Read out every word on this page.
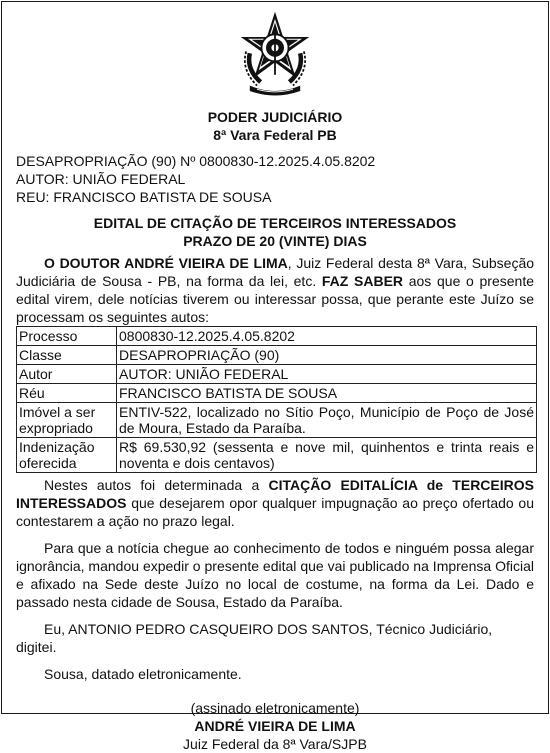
PODER JUDICIÁRIO
8ª Vara Federal PB
DESAPROPRIAÇÃO (90) Nº 0800830-12.2025.4.05.8202
AUTOR: UNIÃO FEDERAL
REU: FRANCISCO BATISTA DE SOUSA
EDITAL DE CITAÇÃO DE TERCEIROS INTERESSADOS
PRAZO DE 20 (VINTE) DIAS
O DOUTOR ANDRÉ VIEIRA DE LIMA, Juiz Federal desta 8ª Vara, Subseção Judiciária de Sousa - PB, na forma da lei, etc. FAZ SABER aos que o presente edital virem, dele notícias tiverem ou interessar possa, que perante este Juízo se processam os seguintes autos:
Processo	0800830-12.2025.4.05.8202
Classe	DESAPROPRIAÇÃO (90)
Autor	AUTOR: UNIÃO FEDERAL
Réu	FRANCISCO BATISTA DE SOUSA
Imóvel a ser expropriado	ENTIV-522, localizado no Sítio Poço, Município de Poço de José de Moura, Estado da Paraíba.
Indenização oferecida	R$ 69.530,92 (sessenta e nove mil, quinhentos e trinta reais e noventa e dois centavos)
Nestes autos foi determinada a CITAÇÃO EDITALÍCIA de TERCEIROS INTERESSADOS que desejarem opor qualquer impugnação ao preço ofertado ou contestarem a ação no prazo legal.
Para que a notícia chegue ao conhecimento de todos e ninguém possa alegar ignorância, mandou expedir o presente edital que vai publicado na Imprensa Oficial e afixado na Sede deste Juízo no local de costume, na forma da Lei. Dado e passado nesta cidade de Sousa, Estado da Paraíba.
Eu, ANTONIO PEDRO CASQUEIRO DOS SANTOS, Técnico Judiciário, digitei.
Sousa, datado eletronicamente.
(assinado eletronicamente)
ANDRÉ VIEIRA DE LIMA
Juiz Federal da 8ª Vara/SJPB
